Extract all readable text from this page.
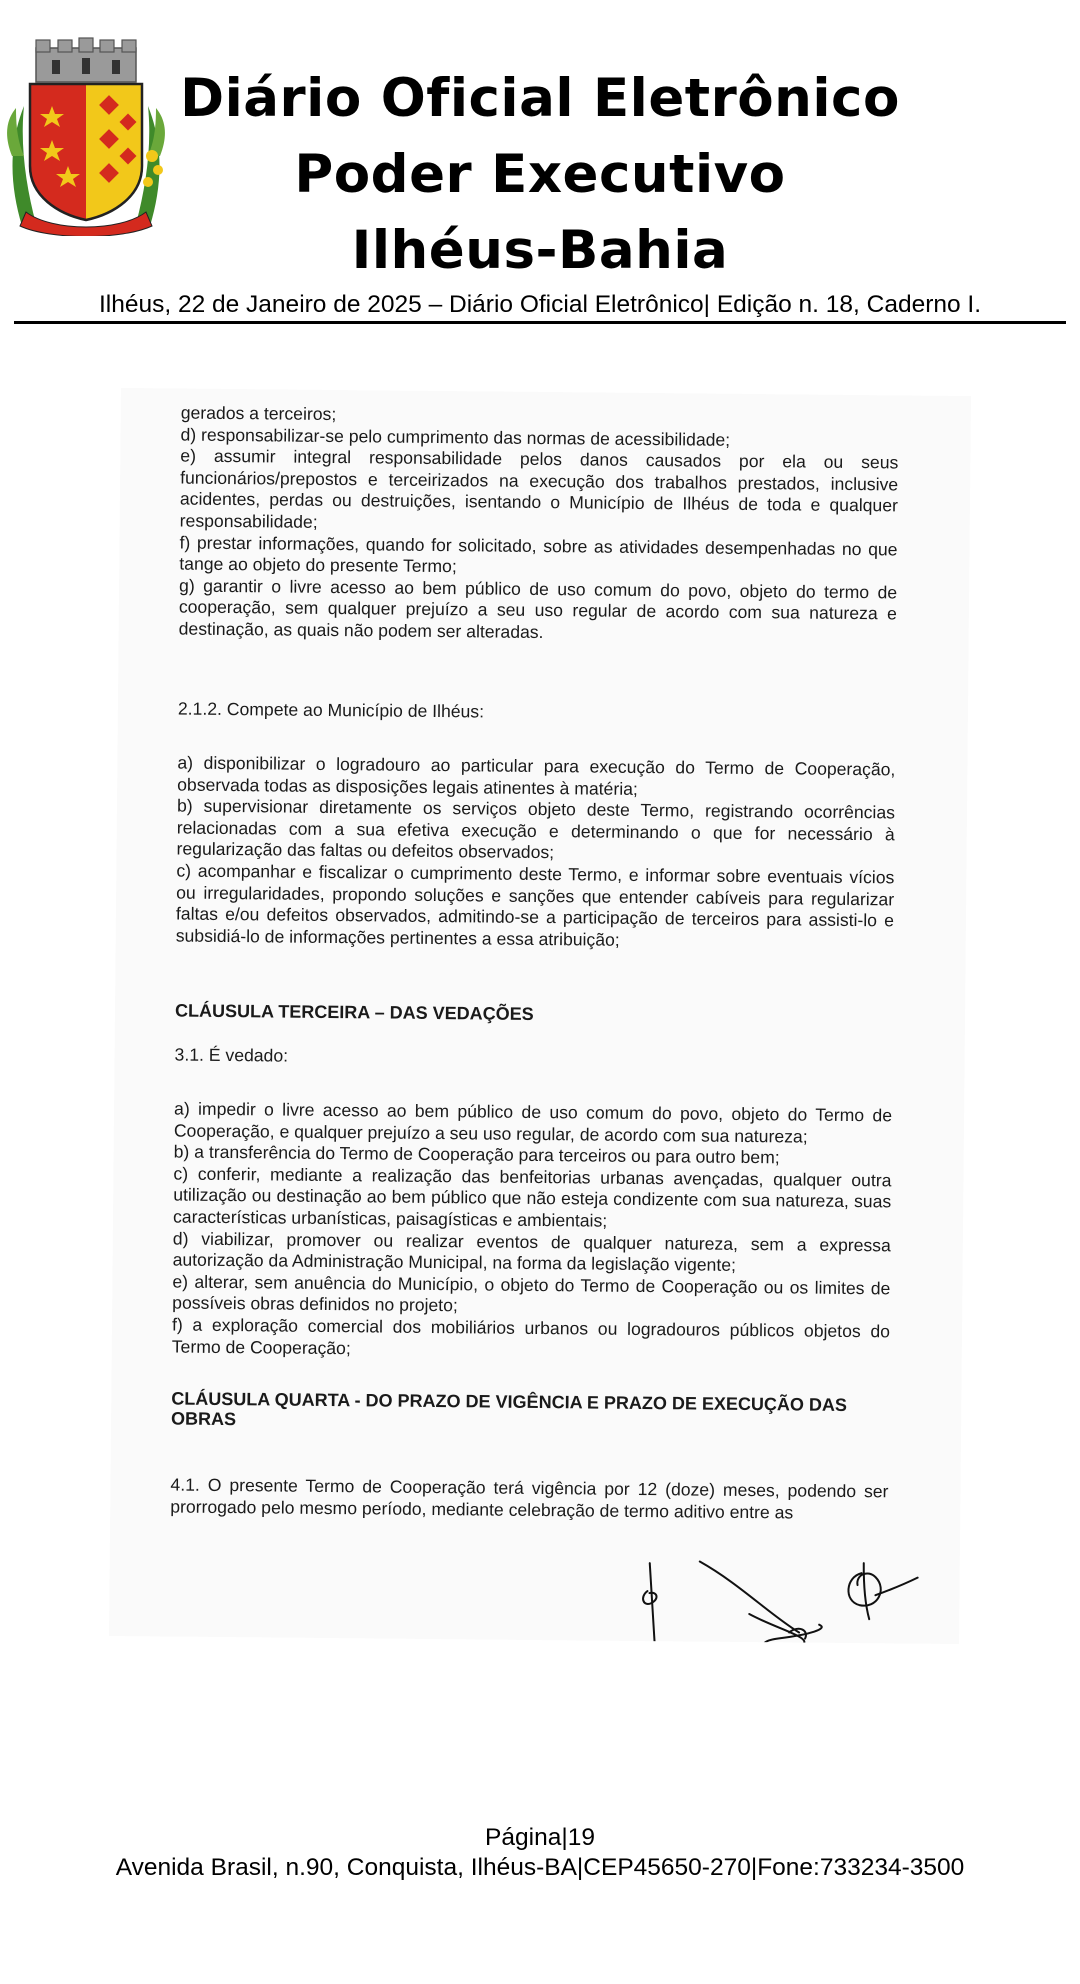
Diário Oficial Eletrônico
Poder Executivo
Ilhéus-Bahia
Ilhéus, 22 de Janeiro de 2025 – Diário Oficial Eletrônico| Edição n. 18, Caderno I.

gerados a terceiros;
d) responsabilizar-se pelo cumprimento das normas de acessibilidade;
e) assumir integral responsabilidade pelos danos causados por ela ou seus funcionários/prepostos e terceirizados na execução dos trabalhos prestados, inclusive acidentes, perdas ou destruições, isentando o Município de Ilhéus de toda e qualquer responsabilidade;
f) prestar informações, quando for solicitado, sobre as atividades desempenhadas no que tange ao objeto do presente Termo;
g) garantir o livre acesso ao bem público de uso comum do povo, objeto do termo de cooperação, sem qualquer prejuízo a seu uso regular de acordo com sua natureza e destinação, as quais não podem ser alteradas.

2.1.2. Compete ao Município de Ilhéus:

a) disponibilizar o logradouro ao particular para execução do Termo de Cooperação, observada todas as disposições legais atinentes à matéria;
b) supervisionar diretamente os serviços objeto deste Termo, registrando ocorrências relacionadas com a sua efetiva execução e determinando o que for necessário à regularização das faltas ou defeitos observados;
c) acompanhar e fiscalizar o cumprimento deste Termo, e informar sobre eventuais vícios ou irregularidades, propondo soluções e sanções que entender cabíveis para regularizar faltas e/ou defeitos observados, admitindo-se a participação de terceiros para assisti-lo e subsidiá-lo de informações pertinentes a essa atribuição;

CLÁUSULA TERCEIRA – DAS VEDAÇÕES

3.1. É vedado:

a) impedir o livre acesso ao bem público de uso comum do povo, objeto do Termo de Cooperação, e qualquer prejuízo a seu uso regular, de acordo com sua natureza;
b) a transferência do Termo de Cooperação para terceiros ou para outro bem;
c) conferir, mediante a realização das benfeitorias urbanas avençadas, qualquer outra utilização ou destinação ao bem público que não esteja condizente com sua natureza, suas características urbanísticas, paisagísticas e ambientais;
d) viabilizar, promover ou realizar eventos de qualquer natureza, sem a expressa autorização da Administração Municipal, na forma da legislação vigente;
e) alterar, sem anuência do Município, o objeto do Termo de Cooperação ou os limites de possíveis obras definidos no projeto;
f) a exploração comercial dos mobiliários urbanos ou logradouros públicos objetos do Termo de Cooperação;

CLÁUSULA QUARTA - DO PRAZO DE VIGÊNCIA E PRAZO DE EXECUÇÃO DAS OBRAS

4.1. O presente Termo de Cooperação terá vigência por 12 (doze) meses, podendo ser prorrogado pelo mesmo período, mediante celebração de termo aditivo entre as

Página|19
Avenida Brasil, n.90, Conquista, Ilhéus-BA|CEP45650-270|Fone:733234-3500
